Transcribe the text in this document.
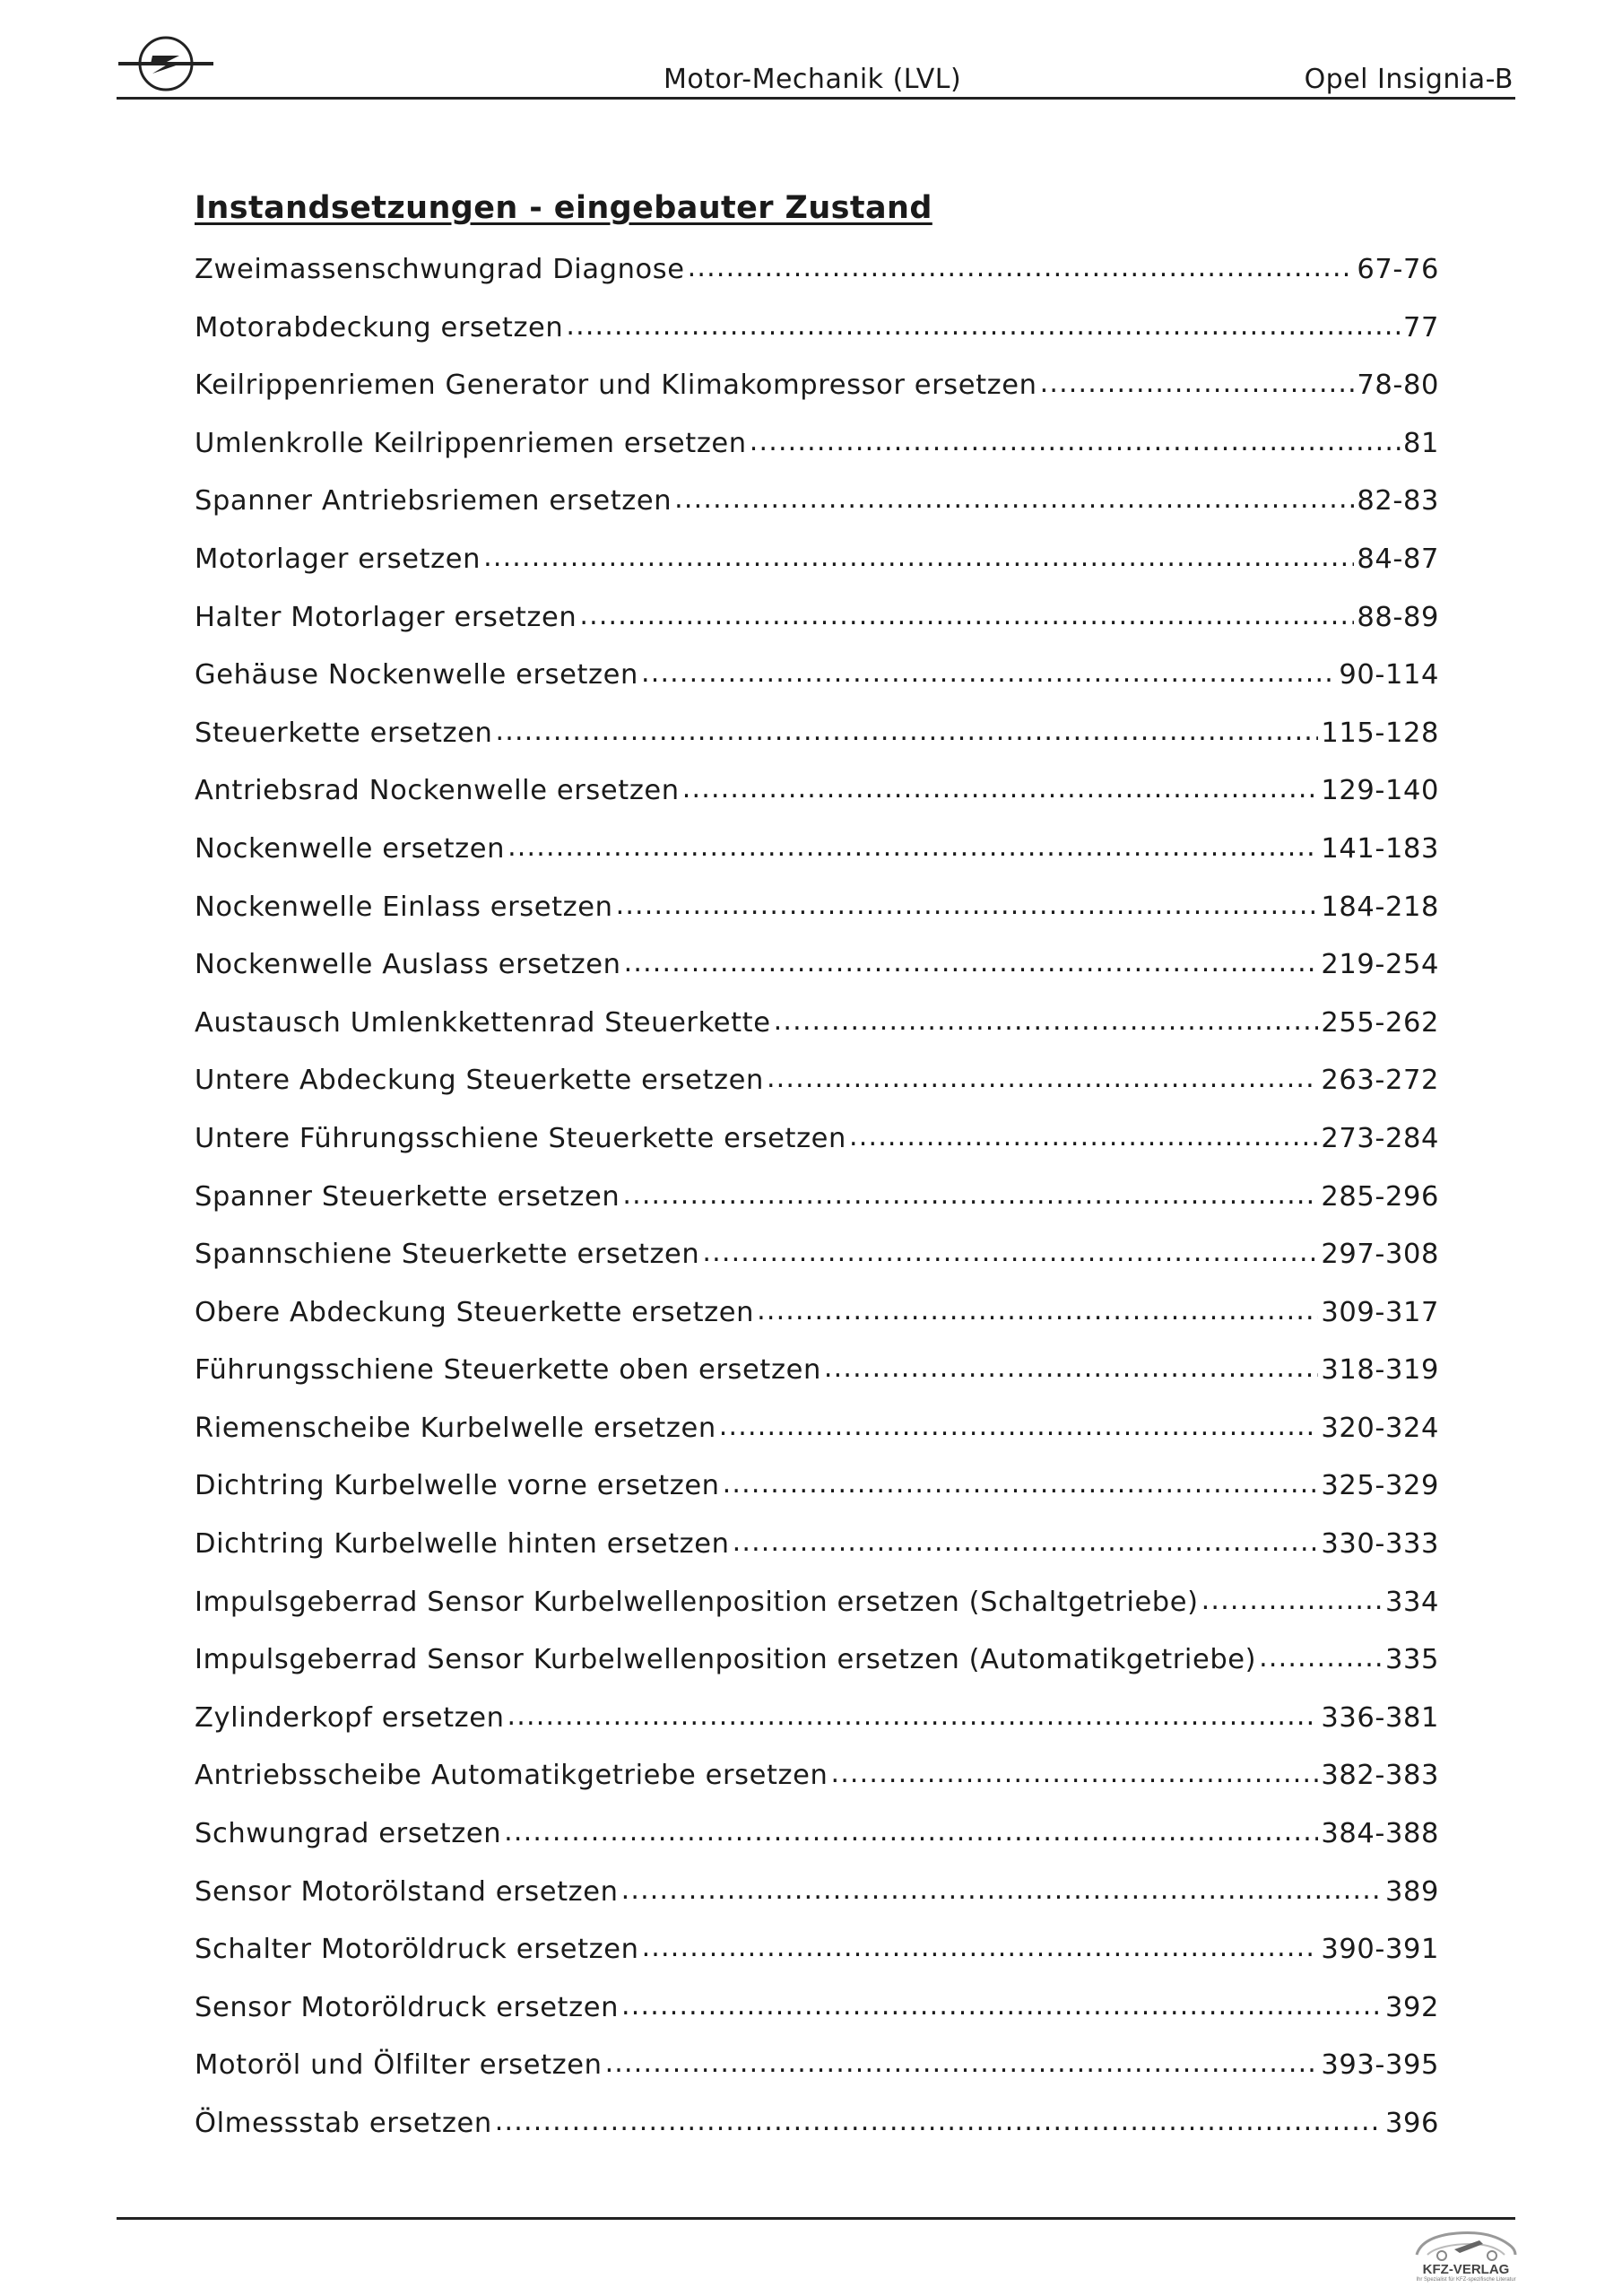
Motor-Mechanik (LVL)	Opel Insignia-B
Instandsetzungen - eingebauter Zustand
Zweimassenschwungrad Diagnose .....	67-76
Motorabdeckung ersetzen .....	77
Keilrippenriemen Generator und Klimakompressor ersetzen .....	78-80
Umlenkrolle Keilrippenriemen ersetzen .....	81
Spanner Antriebsriemen ersetzen .....	82-83
Motorlager ersetzen .....	84-87
Halter Motorlager ersetzen .....	88-89
Gehäuse Nockenwelle ersetzen .....	90-114
Steuerkette ersetzen .....	115-128
Antriebsrad Nockenwelle ersetzen .....	129-140
Nockenwelle ersetzen .....	141-183
Nockenwelle Einlass ersetzen .....	184-218
Nockenwelle Auslass ersetzen .....	219-254
Austausch Umlenkkettenrad Steuerkette .....	255-262
Untere Abdeckung Steuerkette ersetzen .....	263-272
Untere Führungsschiene Steuerkette ersetzen .....	273-284
Spanner Steuerkette ersetzen .....	285-296
Spannschiene Steuerkette ersetzen .....	297-308
Obere Abdeckung Steuerkette ersetzen .....	309-317
Führungsschiene Steuerkette oben ersetzen .....	318-319
Riemenscheibe Kurbelwelle ersetzen .....	320-324
Dichtring Kurbelwelle vorne ersetzen .....	325-329
Dichtring Kurbelwelle hinten ersetzen .....	330-333
Impulsgeberrad Sensor Kurbelwellenposition ersetzen (Schaltgetriebe) .....	334
Impulsgeberrad Sensor Kurbelwellenposition ersetzen (Automatikgetriebe) .....	335
Zylinderkopf ersetzen .....	336-381
Antriebsscheibe Automatikgetriebe ersetzen .....	382-383
Schwungrad ersetzen .....	384-388
Sensor Motorölstand ersetzen .....	389
Schalter Motoröldruck ersetzen .....	390-391
Sensor Motoröldruck ersetzen .....	392
Motoröl und Ölfilter ersetzen .....	393-395
Ölmessstab ersetzen .....	396
KFZ-VERLAG
Ihr Spezialist für KFZ-spezifische Literatur
